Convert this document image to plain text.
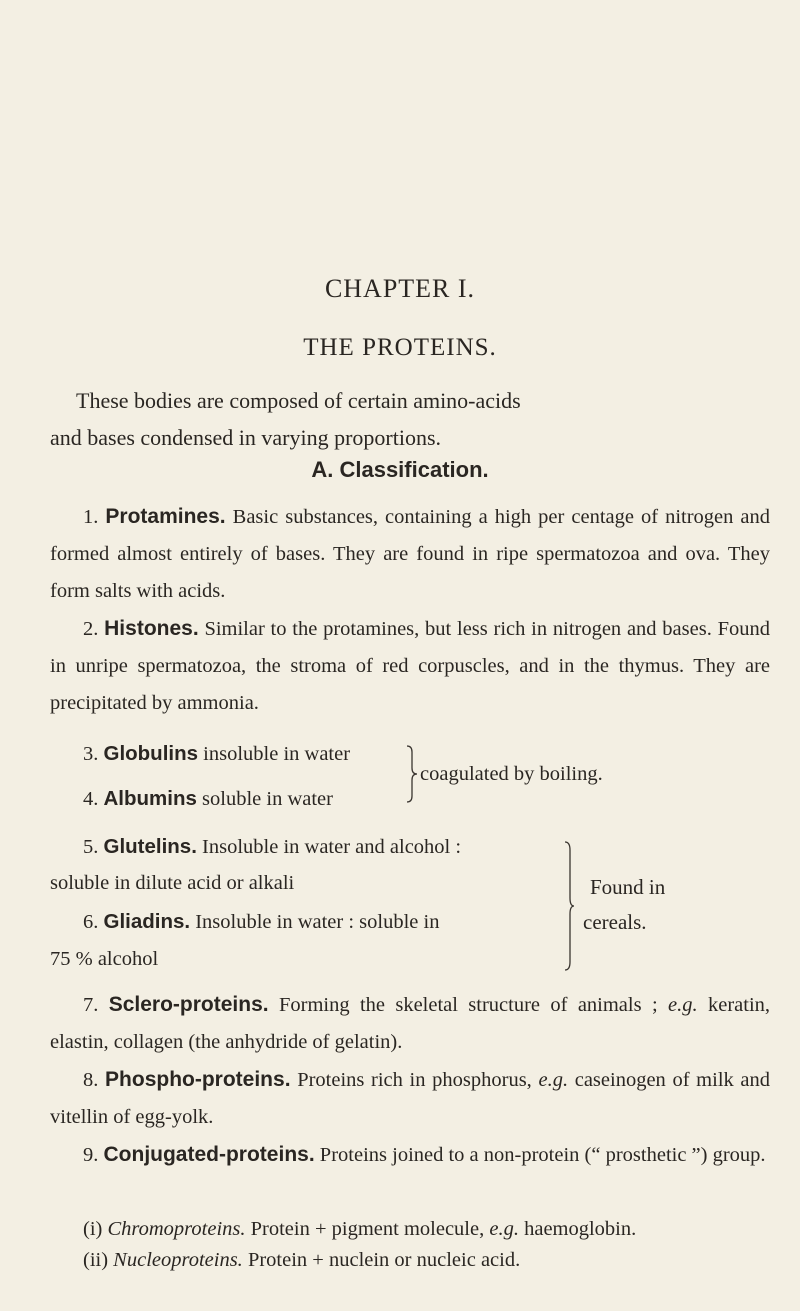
CHAPTER I.
THE PROTEINS.
These bodies are composed of certain amino-acids
and bases condensed in varying proportions.
A. Classification.
1. Protamines. Basic substances, containing a high per centage of nitrogen and formed almost entirely of bases. They are found in ripe spermatozoa and ova. They form salts with acids.
2. Histones. Similar to the protamines, but less rich in nitrogen and bases. Found in unripe spermatozoa, the stroma of red corpuscles, and in the thymus. They are precipitated by ammonia.
3. Globulins insoluble in water
4. Albumins soluble in water
coagulated by boiling.
5. Glutelins. Insoluble in water and alcohol :
soluble in dilute acid or alkali
6. Gliadins. Insoluble in water : soluble in
75 % alcohol
Found in
cereals.
7. Sclero-proteins. Forming the skeletal structure of animals ; e.g. keratin, elastin, collagen (the anhydride of gelatin).
8. Phospho-proteins. Proteins rich in phosphorus, e.g. caseinogen of milk and vitellin of egg-yolk.
9. Conjugated-proteins. Proteins joined to a non-protein (“ prosthetic ”) group.
(i) Chromoproteins. Protein + pigment molecule, e.g. haemoglobin.
(ii) Nucleoproteins. Protein + nuclein or nucleic acid.
